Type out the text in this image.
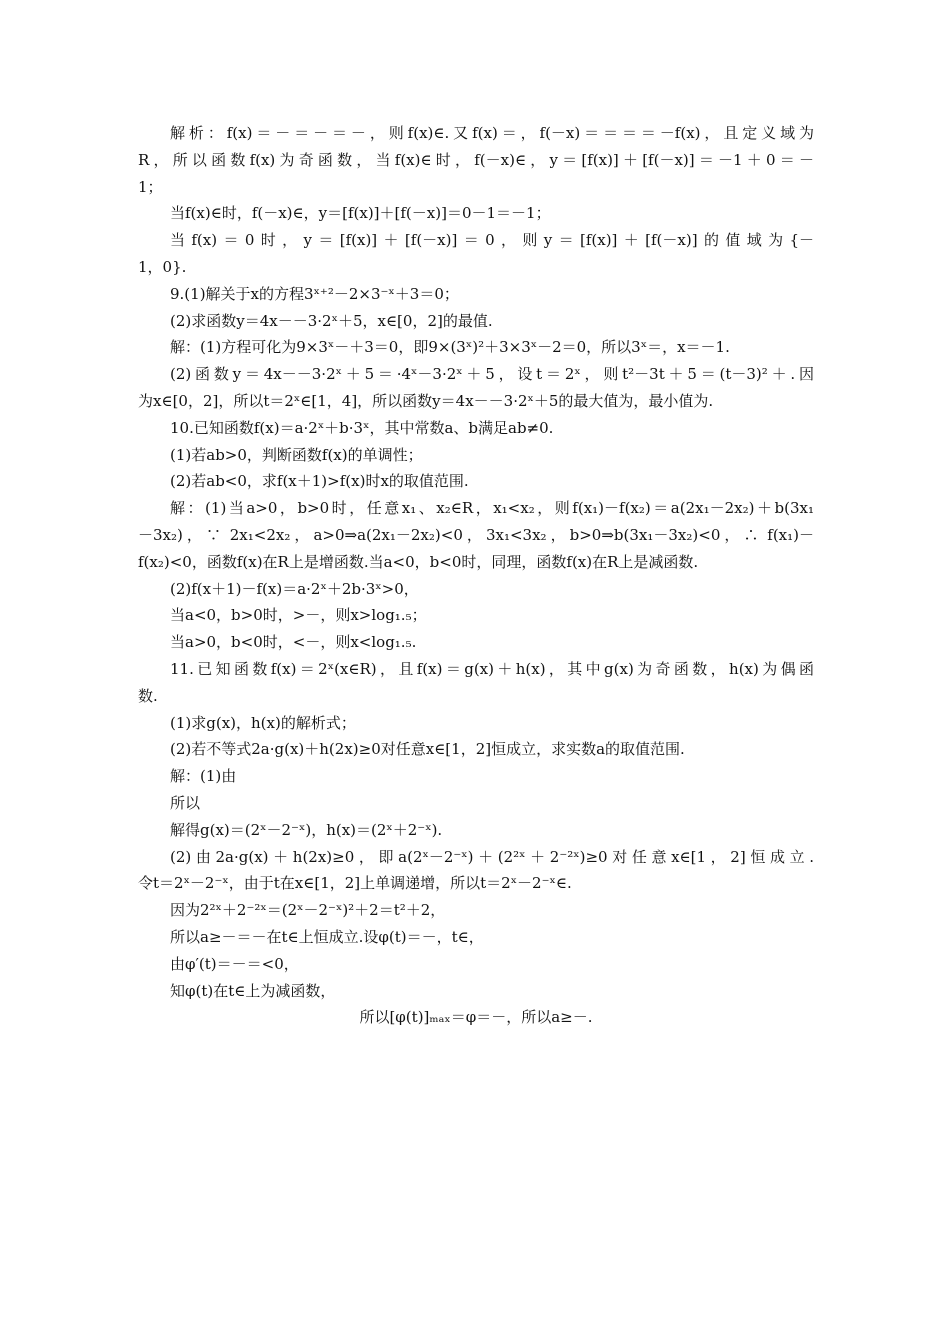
解析：f(x)＝－＝－＝－，则f(x)∈.又f(x)＝，f(－x)＝＝＝＝－f(x)，且定义域为
R，所以函数f(x)为奇函数，当f(x)∈时，f(－x)∈，y＝[f(x)]＋[f(－x)]＝－1＋0＝－
1；
当f(x)∈时，f(－x)∈，y＝[f(x)]＋[f(－x)]＝0－1＝－1；
当f(x)＝0时，y＝[f(x)]＋[f(－x)]＝0，则y＝[f(x)]＋[f(－x)]的值域为{－
1，0}.
9.(1)解关于x的方程3ˣ⁺²－2×3⁻ˣ＋3＝0；
(2)求函数y＝4x－－3·2ˣ＋5，x∈[0，2]的最值.
解：(1)方程可化为9×3ˣ－＋3＝0，即9×(3ˣ)²＋3×3ˣ－2＝0，所以3ˣ＝，x＝－1.
(2)函数y＝4x－－3·2ˣ＋5＝·4ˣ－3·2ˣ＋5，设t＝2ˣ，则t²－3t＋5＝(t－3)²＋.因
为x∈[0，2]，所以t＝2ˣ∈[1，4]，所以函数y＝4x－－3·2ˣ＋5的最大值为，最小值为.
10.已知函数f(x)＝a·2ˣ＋b·3ˣ，其中常数a、b满足ab≠0.
(1)若ab>0，判断函数f(x)的单调性；
(2)若ab<0，求f(x＋1)>f(x)时x的取值范围.
解：(1)当a>0，b>0时，任意x₁、x₂∈R，x₁<x₂，则f(x₁)－f(x₂)＝a(2x₁－2x₂)＋b(3x₁
－3x₂)，∵ 2x₁<2x₂，a>0⇒a(2x₁－2x₂)<0，3x₁<3x₂，b>0⇒b(3x₁－3x₂)<0，∴ f(x₁)－
f(x₂)<0，函数f(x)在R上是增函数.当a<0，b<0时，同理，函数f(x)在R上是减函数.
(2)f(x＋1)－f(x)＝a·2ˣ＋2b·3ˣ>0，
当a<0，b>0时，>－，则x>log₁.₅；
当a>0，b<0时，<－，则x<log₁.₅.
11.已知函数f(x)＝2ˣ(x∈R)，且f(x)＝g(x)＋h(x)，其中g(x)为奇函数，h(x)为偶函
数.
(1)求g(x)，h(x)的解析式；
(2)若不等式2a·g(x)＋h(2x)≥0对任意x∈[1，2]恒成立，求实数a的取值范围.
解：(1)由
所以
解得g(x)＝(2ˣ－2⁻ˣ)，h(x)＝(2ˣ＋2⁻ˣ).
(2)由2a·g(x)＋h(2x)≥0，即a(2ˣ－2⁻ˣ)＋(2²ˣ＋2⁻²ˣ)≥0对任意x∈[1，2]恒成立.
令t＝2ˣ－2⁻ˣ，由于t在x∈[1，2]上单调递增，所以t＝2ˣ－2⁻ˣ∈.
因为2²ˣ＋2⁻²ˣ＝(2ˣ－2⁻ˣ)²＋2＝t²＋2，
所以a≥－＝－在t∈上恒成立.设φ(t)＝－，t∈，
由φ′(t)＝－＝<0，
知φ(t)在t∈上为减函数，
所以[φ(t)]ₘₐₓ＝φ＝－，所以a≥－.
